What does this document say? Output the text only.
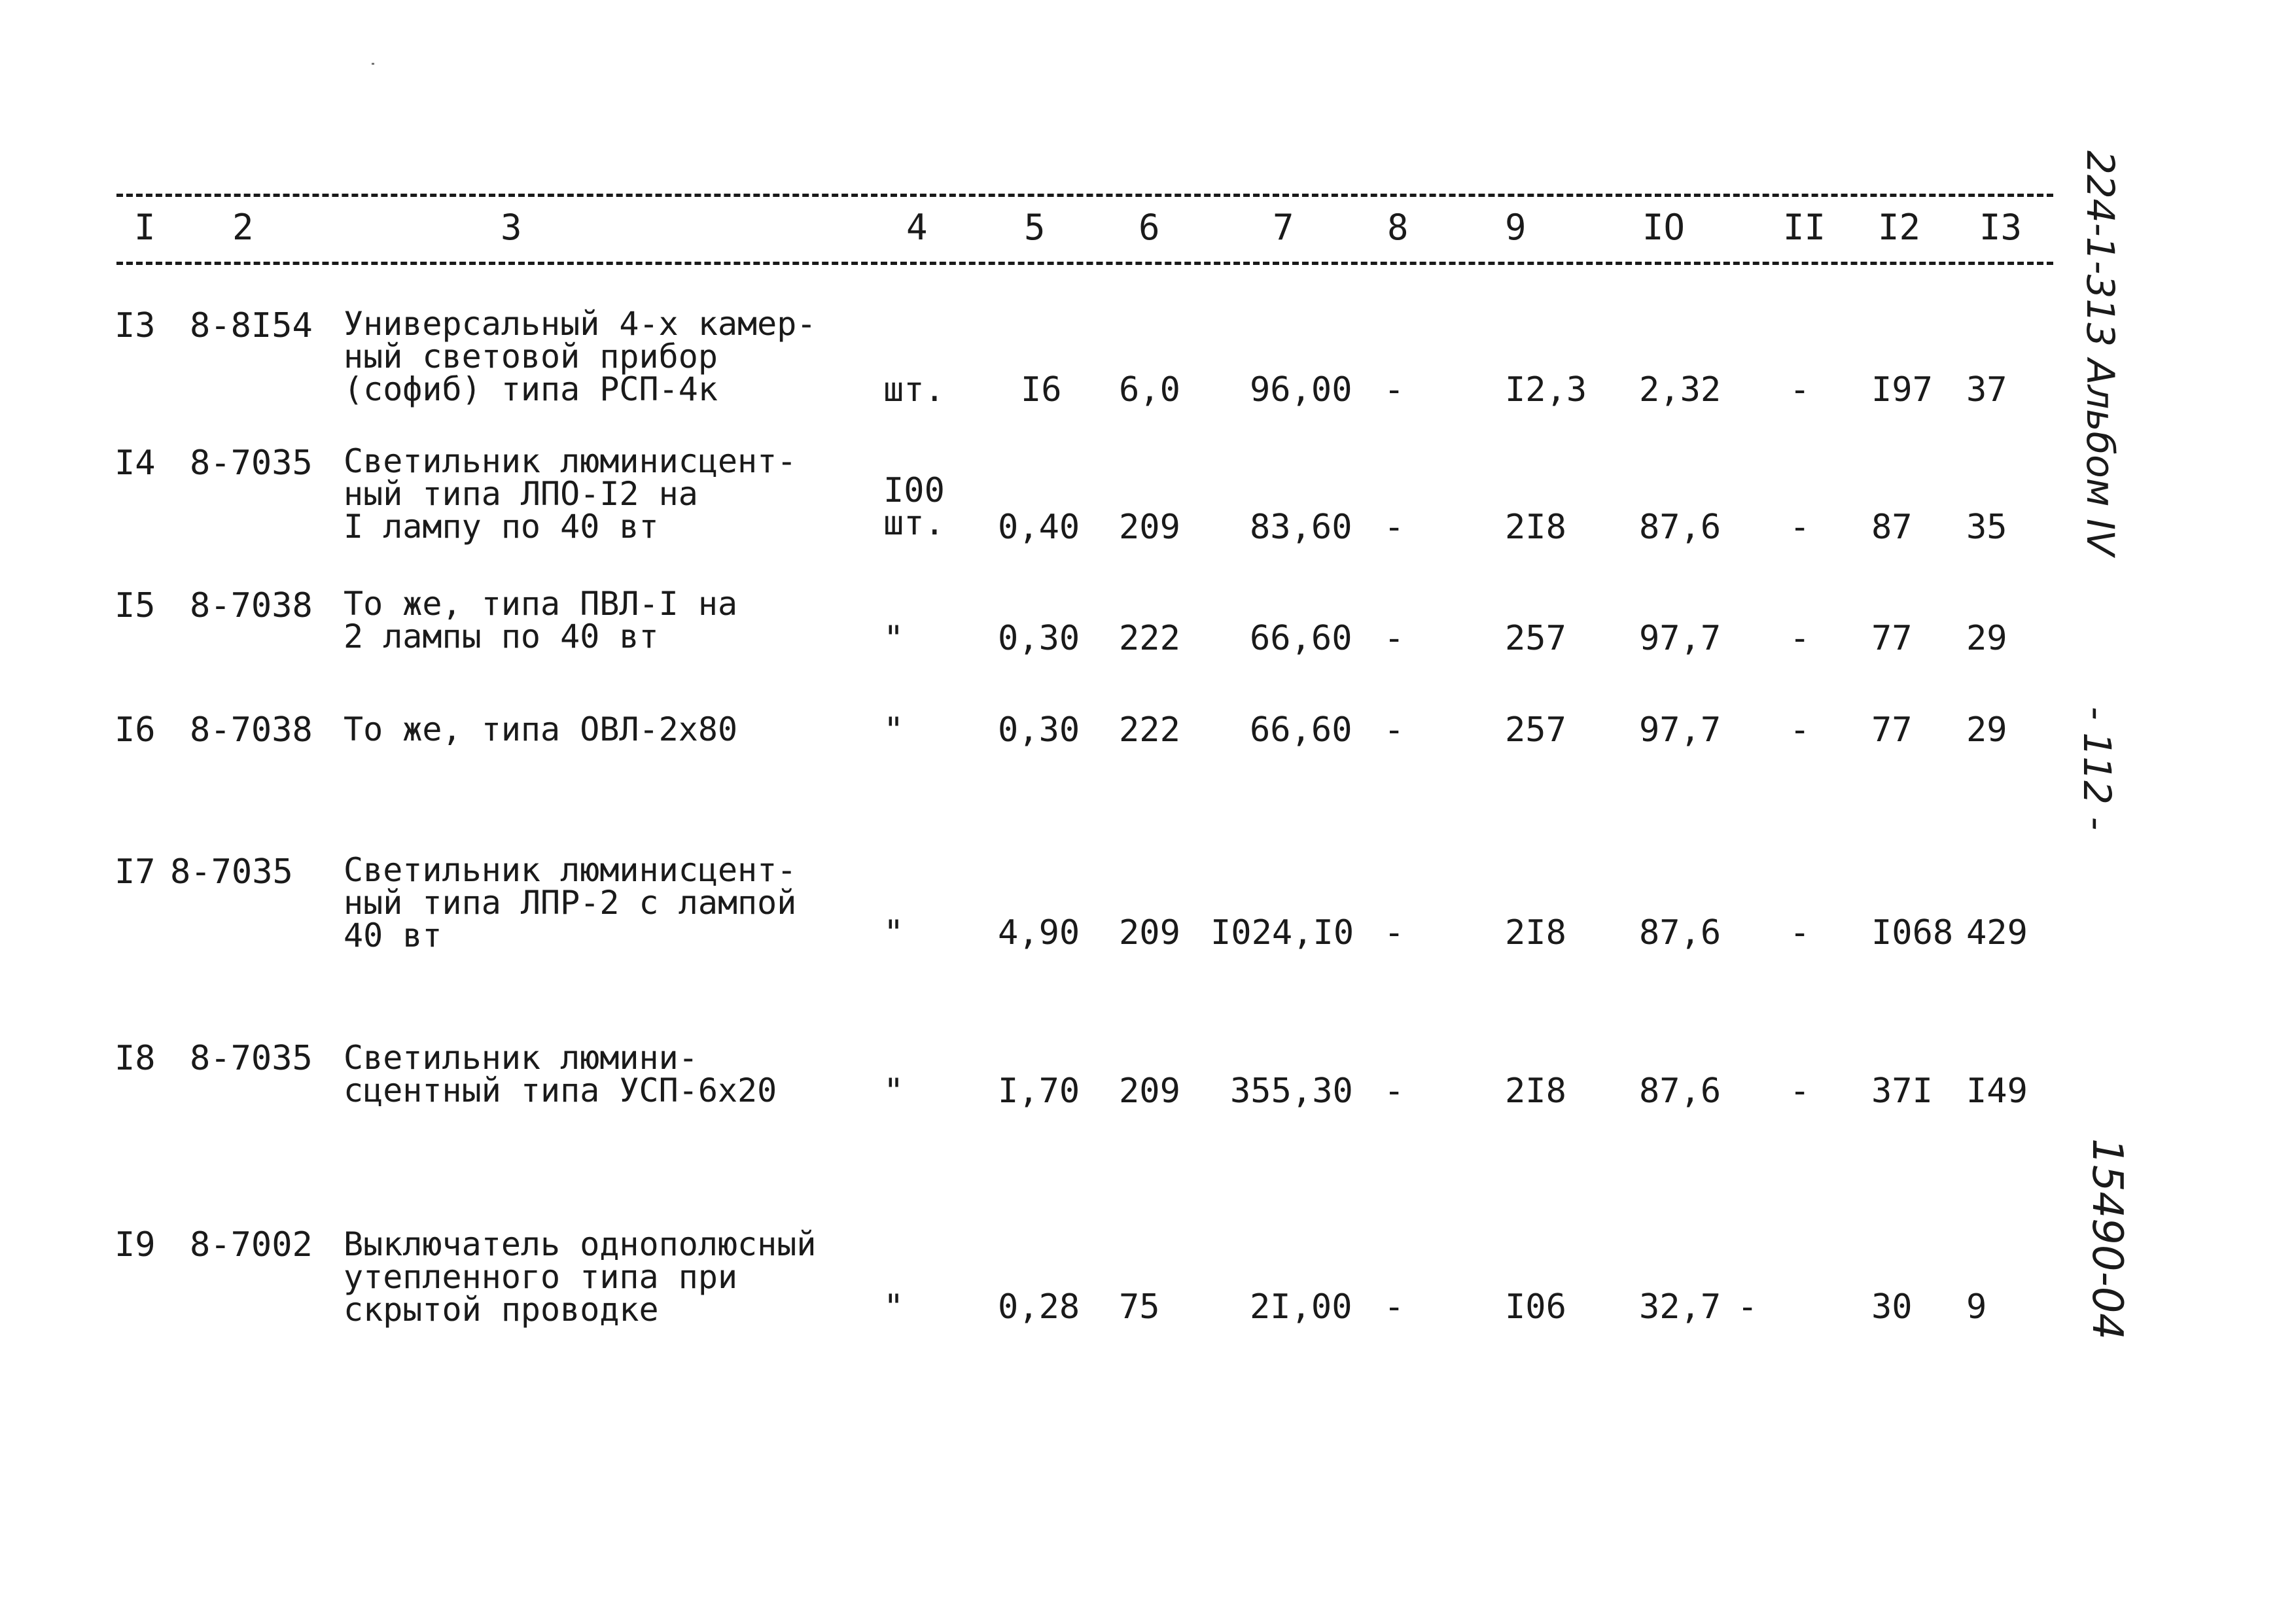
I 2	3	4	5	6	7	8	9	IO	II I2 I3
I3 8-8I54 Универсальный 4-х камер-
ный световой прибор
(софиб) типа РСП-4к	шт. I6 6,0 96,00 -	I2,3 2,32 - I97 37
I4 8-7035 Светильник люминисцент-
ный типа ЛПО-I2 на
I лампу по 40 вт
I00
шт. 0,40 209 83,60 -	2I8 87,6 - 87 35
I5 8-7038 То же, типа ПВЛ-I на
2 лампы по 40 вт	"	0,30 222 66,60 -	257 97,7 - 77 29
I6 8-7038 То же, типа ОВЛ-2х80	"	0,30 222 66,60 -	257 97,7 - 77 29
I7 8-7035 Светильник люминисцент-
ный типа ЛПР-2 с лампой
40 вт	"	4,90 209 I024,I0 -	2I8 87,6 - I068 429
I8 8-7035 Светильник люмини-
сцентный типа УСП-6х20	"	I,70 209 355,30 -	2I8 87,6 - 37I I49
I9 8-7002 Выключатель однополюсный
утепленного типа при
скрытой проводке	"	0,28 75	2I,00 -	I06 32,7 -	30 9
224-1-313 Альбом IV
- 112 -
15490-04
